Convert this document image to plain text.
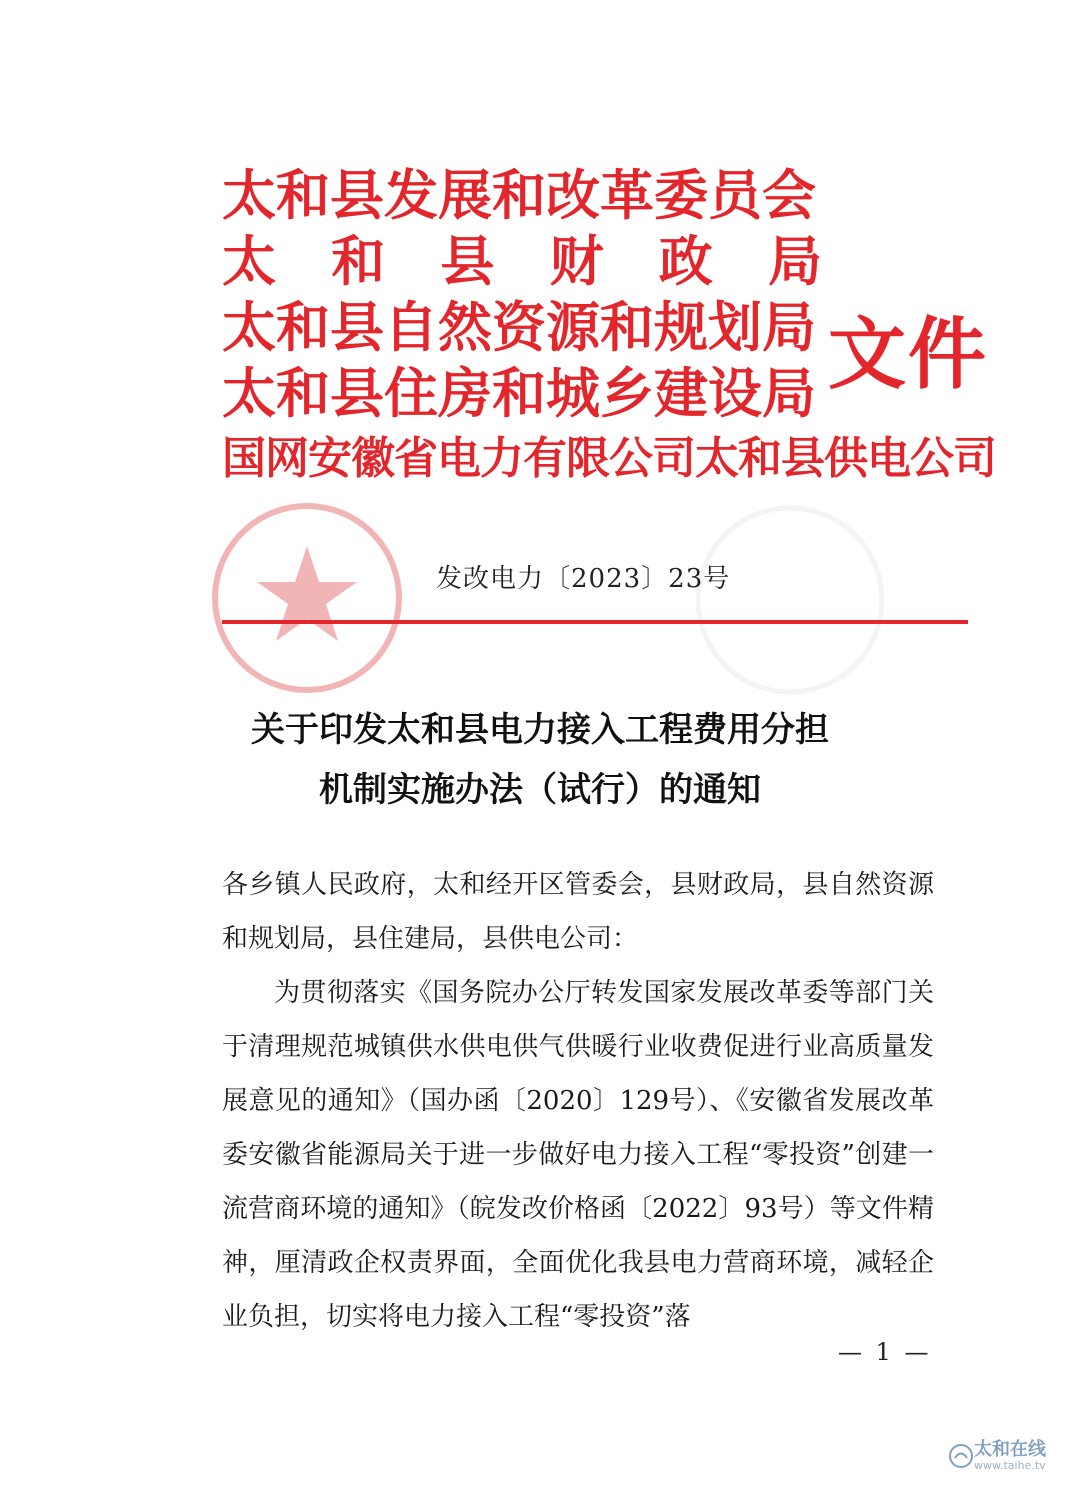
太和县发展和改革委员会
太 和 县 财 政 局
太和县自然资源和规划局
太和县住房和城乡建设局
国网安徽省电力有限公司太和县供电公司
文件
发改电力〔2023〕23号
关于印发太和县电力接入工程费用分担
机制实施办法（试行）的通知

各乡镇人民政府，太和经开区管委会，县财政局，县自然资源和规划局，县住建局，县供电公司：

为贯彻落实《国务院办公厅转发国家发展改革委等部门关于清理规范城镇供水供电供气供暖行业收费促进行业高质量发展意见的通知》（国办函〔2020〕129号）、《安徽省发展改革委安徽省能源局关于进一步做好电力接入工程“零投资”创建一流营商环境的通知》（皖发改价格函〔2022〕93号）等文件精神，厘清政企权责界面，全面优化我县电力营商环境，减轻企业负担，切实将电力接入工程“零投资”落

— 1 —
太和在线
www.taihe.tv
